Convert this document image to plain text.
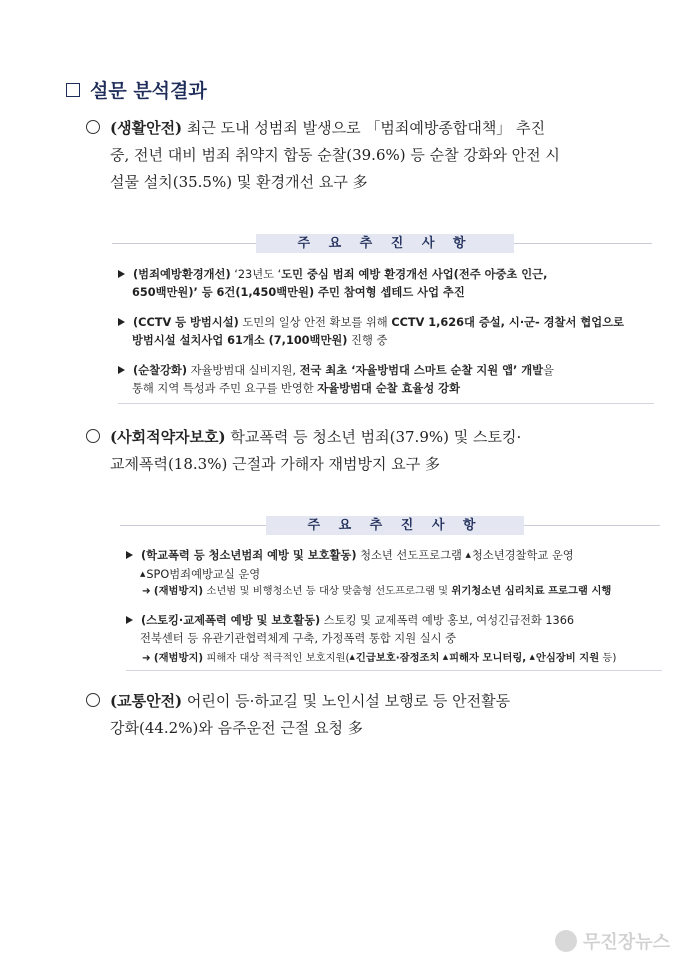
설문 분석결과
(생활안전) 최근 도내 성범죄 발생으로 「범죄예방종합대책」 추진
중, 전년 대비 범죄 취약지 합동 순찰(39.6%) 등 순찰 강화와 안전 시
설물 설치(35.5%) 및 환경개선 요구 多
주 요 추 진 사 항
(범죄예방환경개선) ‘23년도 ‘도민 중심 범죄 예방 환경개선 사업(전주 아중초 인근,
650백만원)’ 등 6건(1,450백만원) 주민 참여형 셉테드 사업 추진
(CCTV 등 방범시설) 도민의 일상 안전 확보를 위해 CCTV 1,626대 증설, 시·군- 경찰서 협업으로
방범시설 설치사업 61개소 (7,100백만원) 진행 중
(순찰강화) 자율방범대 실비지원, 전국 최초 ‘자율방범대 스마트 순찰 지원 앱’ 개발을
통해 지역 특성과 주민 요구를 반영한 자율방범대 순찰 효율성 강화
(사회적약자보호) 학교폭력 등 청소년 범죄(37.9%) 및 스토킹·
교제폭력(18.3%) 근절과 가해자 재범방지 요구 多
주 요 추 진 사 항
(학교폭력 등 청소년범죄 예방 및 보호활동) 청소년 선도프로그램 ▲청소년경찰학교 운영
▲SPO범죄예방교실 운영
➜ (재범방지) 소년범 및 비행청소년 등 대상 맞춤형 선도프로그램 및 위기청소년 심리치료 프로그램 시행
(스토킹·교제폭력 예방 및 보호활동) 스토킹 및 교제폭력 예방 홍보, 여성긴급전화 1366
전북센터 등 유관기관협력체계 구축, 가정폭력 통합 지원 실시 중
➜ (재범방지) 피해자 대상 적극적인 보호지원(▲긴급보호·잠정조치 ▲피해자 모니터링, ▲안심장비 지원 등)
(교통안전) 어린이 등·하교길 및 노인시설 보행로 등 안전활동
강화(44.2%)와 음주운전 근절 요청 多
무진장뉴스
